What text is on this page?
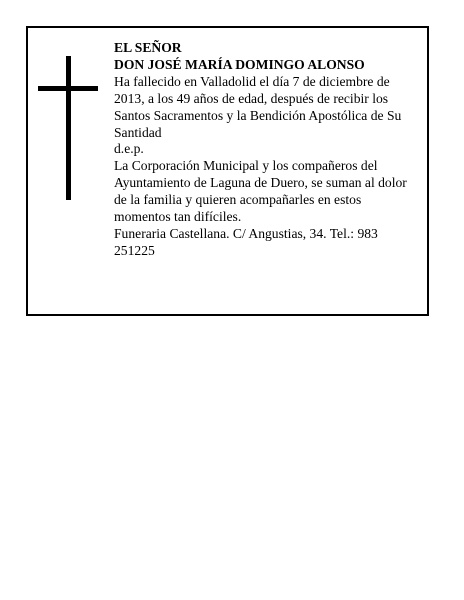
EL SEÑOR

DON JOSÉ MARÍA DOMINGO ALONSO

Ha fallecido en Valladolid el día 7 de diciembre de 2013, a los 49 años de edad, después de recibir los Santos Sacramentos y la Bendición Apostólica de Su Santidad

d.e.p.

La Corporación Municipal y los compañeros del Ayuntamiento de Laguna de Duero, se suman al dolor de la familia y quieren acompañarles en estos momentos tan difíciles.

Funeraria Castellana. C/ Angustias, 34. Tel.: 983 251225
